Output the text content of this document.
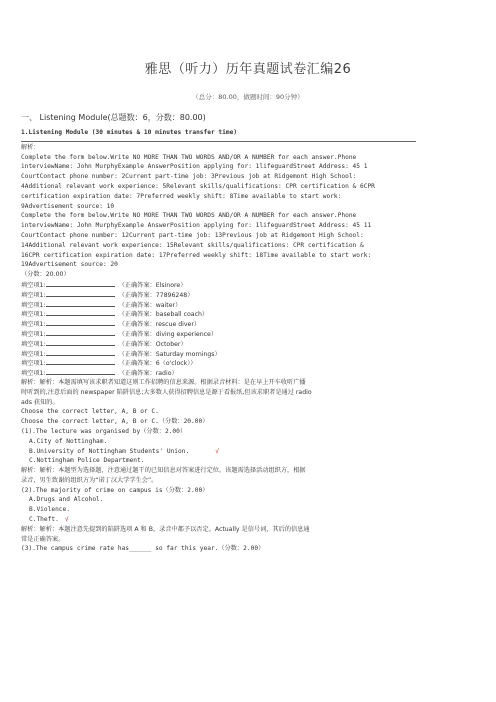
雅思（听力）历年真题试卷汇编26
（总分：80.00，做题时间：90分钟）
一、 Listening Module(总题数：6，分数：80.00)
1.Listening Module (30 minutes & 10 minutes transfer time)
解析：
Complete the form below.Write NO MORE THAN TWO WORDS AND/OR A NUMBER for each answer.Phone
interviewName: John MurphyExample AnswerPosition applying for: 1lifeguardStreet Address: 45 1
CourtContact phone number: 2Current part-time job: 3Previous job at Ridgemont High School:
4Additional relevant work experience: 5Relevant skills/qualifications: CPR certification & 6CPR
certification expiration date: 7Preferred weekly shift: 8Time available to start work:
9Advertisement source: 10
Complete the form below.Write NO MORE THAN TWO WORDS AND/OR A NUMBER for each answer.Phone
interviewName: John MurphyExample AnswerPosition applying for: 1lifeguardStreet Address: 45 11
CourtContact phone number: 12Current part-time job: 13Previous job at Ridgemont High School:
14Additional relevant work experience: 15Relevant skills/qualifications: CPR certification &
16CPR certification expiration date: 17Preferred weekly shift: 18Time available to start work:
19Advertisement source: 20
（分数：20.00）
填空项1:	（正确答案：Elsinore）
填空项1:	（正确答案：77896248）
填空项1:	（正确答案：waiter）
填空项1:	（正确答案：baseball coach）
填空项1:	（正确答案：rescue diver）
填空项1:	（正确答案：diving experience）
填空项1:	（正确答案：October）
填空项1:	（正确答案：Saturday mornings）
填空项1:	（正确答案：6（o'clock））
填空项1:	（正确答案：radio）
解析：解析：本题需填写该求职者知道这则工作招聘的信息来源。根据录音材料：是在早上开车收听广播
时听到的,注意后面的 newspaper 陷阱信息;大多数人获得招聘信息是源于看报纸,但该求职者是通过 radio
ads 获知的。
Choose the correct letter, A, B or C.
Choose the correct letter, A, B or C.（分数：20.00）
(1).The lecture was organised by（分数：2.00）
A.City of Nottingham.
B.University of Nottingham Students' Union.	√
C.Nottingham Police Department.
解析：解析：本题型为选择题，注意通过题干的已知信息对答案进行定位。该题需选择活动组织方，根据
录音，男生致谢的组织方为“诺丁汉大学学生会”。
(2).The majority of crime on campus is（分数：2.00）
A.Drugs and Alcohol.
B.Violence.
C.Theft. √
解析：解析：本题注意先提到的陷阱选项 A 和 B，录音中都予以否定。Actually 是信号词，其后的信息通
常是正确答案。
(3).The campus crime rate has______ so far this year.（分数：2.00）
